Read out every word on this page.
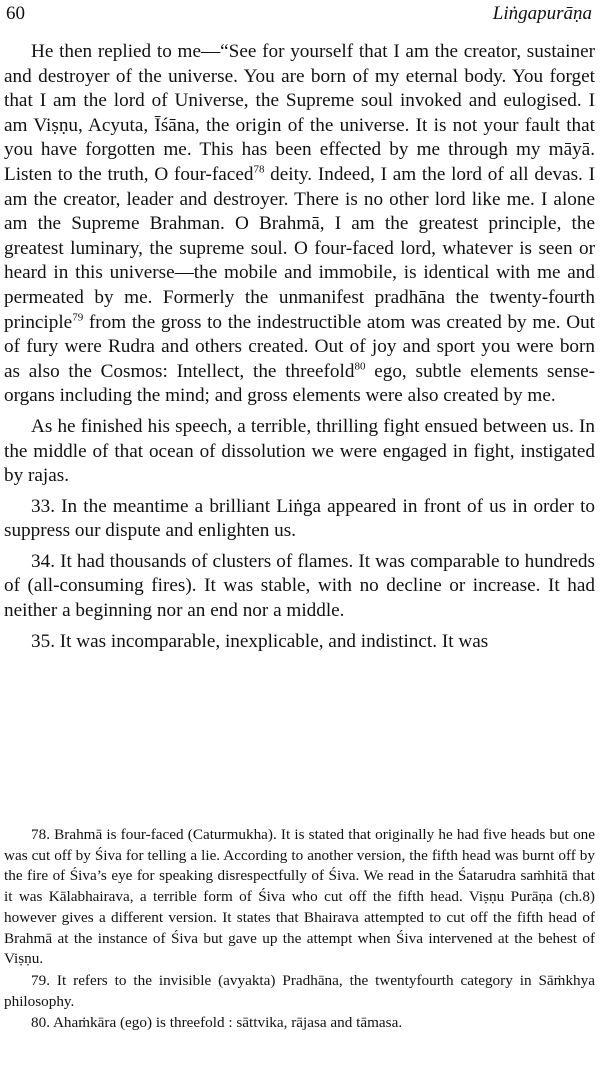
60	Liṅgapurāṇa

He then replied to me—“See for yourself that I am the creator, sustainer and destroyer of the universe. You are born of my eternal body. You forget that I am the lord of Universe, the Supreme soul invoked and eulogised. I am Viṣṇu, Acyuta, Īśāna, the origin of the universe. It is not your fault that you have forgotten me. This has been effected by me through my māyā. Listen to the truth, O four-faced$^{78}$ deity. Indeed, I am the lord of all devas. I am the creator, leader and destroyer. There is no other lord like me. I alone am the Supreme Brahman. O Brahmā, I am the greatest principle, the greatest luminary, the supreme soul. O four-faced lord, whatever is seen or heard in this universe—the mobile and immobile, is identical with me and permeated by me. Formerly the unmanifest pradhāna the twenty-fourth principle$^{79}$ from the gross to the indestructible atom was created by me. Out of fury were Rudra and others created. Out of joy and sport you were born as also the Cosmos: Intellect, the threefold$^{80}$ ego, subtle elements sense-organs including the mind; and gross elements were also created by me.

As he finished his speech, a terrible, thrilling fight ensued between us. In the middle of that ocean of dissolution we were engaged in fight, instigated by rajas.

33. In the meantime a brilliant Liṅga appeared in front of us in order to suppress our dispute and enlighten us.

34. It had thousands of clusters of flames. It was comparable to hundreds of (all-consuming fires). It was stable, with no decline or increase. It had neither a beginning nor an end nor a middle.

35. It was incomparable, inexplicable, and indistinct. It was

78. Brahmā is four-faced (Caturmukha). It is stated that originally he had five heads but one was cut off by Śiva for telling a lie. According to another version, the fifth head was burnt off by the fire of Śiva’s eye for speaking disrespectfully of Śiva. We read in the Śatarudra saṁhitā that it was Kālabhairava, a terrible form of Śiva who cut off the fifth head. Viṣṇu Purāṇa (ch.8) however gives a different version. It states that Bhairava attempted to cut off the fifth head of Brahmā at the instance of Śiva but gave up the attempt when Śiva intervened at the behest of Viṣṇu.

79. It refers to the invisible (avyakta) Pradhāna, the twentyfourth category in Sāṁkhya philosophy.

80. Ahaṁkāra (ego) is threefold : sāttvika, rājasa and tāmasa.
